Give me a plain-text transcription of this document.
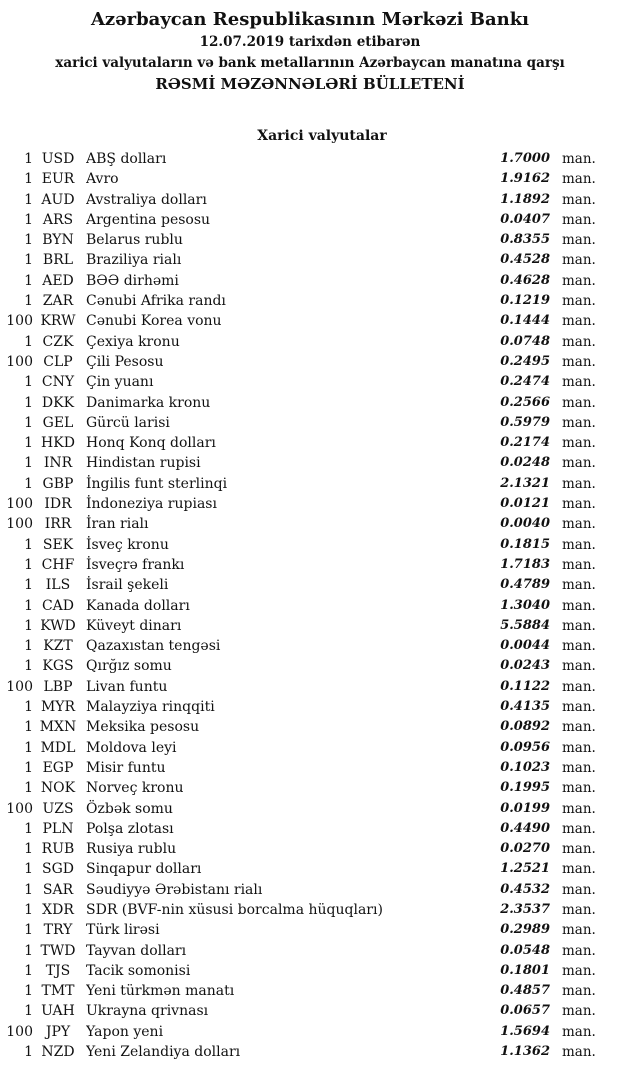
Azərbaycan Respublikasının Mərkəzi Bankı
12.07.2019 tarixdən etibarən
xarici valyutaların və bank metallarının Azərbaycan manatına qarşı
RƏSMİ MƏZƏNNƏLƏRİ BÜLLETENİ
Xarici valyutalar
1 USD ABŞ dolları	1.7000 man.
1 EUR Avro	1.9162 man.
1 AUD Avstraliya dolları	1.1892 man.
1 ARS Argentina pesosu	0.0407 man.
1 BYN Belarus rublu	0.8355 man.
1 BRL Braziliya rialı	0.4528 man.
1 AED BƏƏ dirhəmi	0.4628 man.
1 ZAR Cənubi Afrika randı	0.1219 man.
100 KRW Cənubi Korea vonu	0.1444 man.
1 CZK Çexiya kronu	0.0748 man.
100 CLP Çili Pesosu	0.2495 man.
1 CNY Çin yuanı	0.2474 man.
1 DKK Danimarka kronu	0.2566 man.
1 GEL Gürcü larisi	0.5979 man.
1 HKD Honq Konq dolları	0.2174 man.
1 INR Hindistan rupisi	0.0248 man.
1 GBP İngilis funt sterlinqi	2.1321 man.
100 IDR	İndoneziya rupiası	0.0121 man.
100 IRR	İran rialı	0.0040 man.
1 SEK İsveç kronu	0.1815 man.
1 CHF İsveçrə frankı	1.7183 man.
1 ILS	İsrail şekeli	0.4789 man.
1 CAD Kanada dolları	1.3040 man.
1 KWD Küveyt dinarı	5.5884 man.
1 KZT Qazaxıstan tengəsi	0.0044 man.
1 KGS Qırğız somu	0.0243 man.
100 LBP Livan funtu	0.1122 man.
1 MYR Malayziya rinqqiti	0.4135 man.
1 MXN Meksika pesosu	0.0892 man.
1 MDL Moldova leyi	0.0956 man.
1 EGP Misir funtu	0.1023 man.
1 NOK Norveç kronu	0.1995 man.
100 UZS Özbək somu	0.0199 man.
1 PLN Polşa zlotası	0.4490 man.
1 RUB Rusiya rublu	0.0270 man.
1 SGD Sinqapur dolları	1.2521 man.
1 SAR Səudiyyə Ərəbistanı rialı	0.4532 man.
1 XDR SDR (BVF-nin xüsusi borcalma hüquqları)	2.3537 man.
1 TRY Türk lirəsi	0.2989 man.
1 TWD Tayvan dolları	0.0548 man.
1 TJS	Tacik somonisi	0.1801 man.
1 TMT Yeni türkmən manatı	0.4857 man.
1 UAH Ukrayna qrivnası	0.0657 man.
100 JPY	Yapon yeni	1.5694 man.
1 NZD Yeni Zelandiya dolları	1.1362 man.
